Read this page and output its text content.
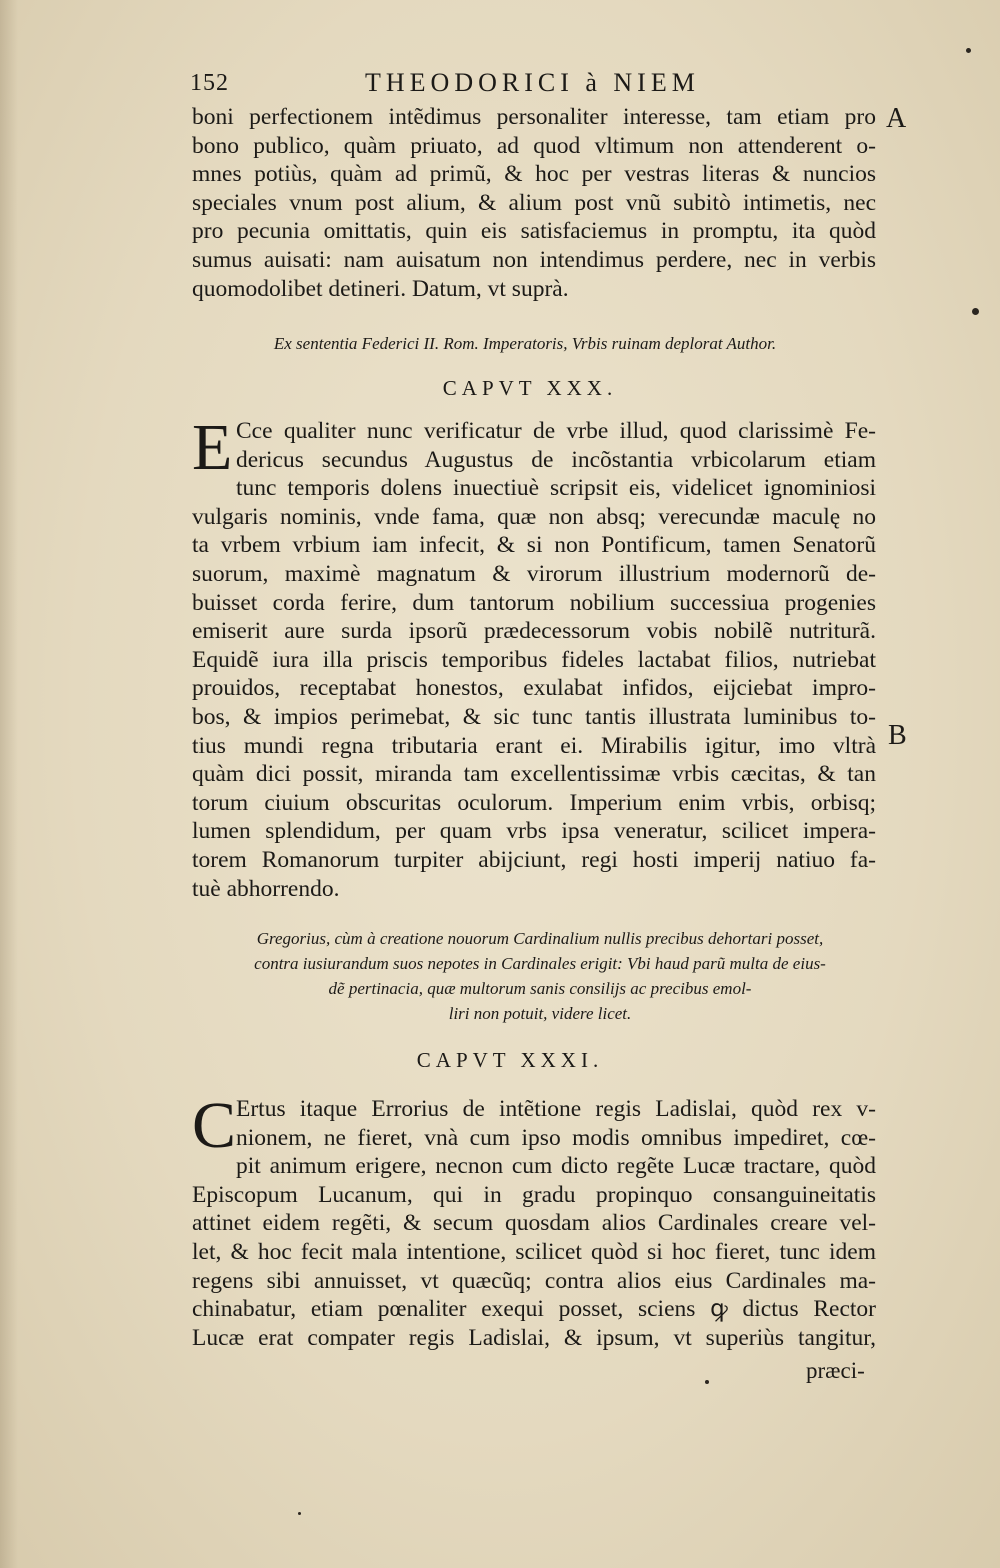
152	THEODORICI à NIEM
A
B
boni perfectionem intẽdimus personaliter interesse, tam etiam pro
bono publico, quàm priuato, ad quod vltimum non attenderent o-
mnes potiùs, quàm ad primũ, & hoc per vestras literas & nuncios
speciales vnum post alium, & alium post vnũ subitò intimetis, nec
pro pecunia omittatis, quin eis satisfaciemus in promptu, ita quòd
sumus auisati: nam auisatum non intendimus perdere, nec in verbis
quomodolibet detineri. Datum, vt suprà.
Ex sententia Federici II. Rom. Imperatoris, Vrbis ruinam deplorat Author.
CAPVT XXX.
E Cce qualiter nunc verificatur de vrbe illud, quod clarissimè Fe-
dericus secundus Augustus de incõstantia vrbicolarum etiam
tunc temporis dolens inuectiuè scripsit eis, videlicet ignominiosi
vulgaris nominis, vnde fama, quæ non absq; verecundæ maculę no
ta vrbem vrbium iam infecit, & si non Pontificum, tamen Senatorũ
suorum, maximè magnatum & virorum illustrium modernorũ de-
buisset corda ferire, dum tantorum nobilium successiua progenies
emiserit aure surda ipsorũ prædecessorum vobis nobilẽ nutriturã.
Equidẽ iura illa priscis temporibus fideles lactabat filios, nutriebat
prouidos, receptabat honestos, exulabat infidos, eijciebat impro-
bos, & impios perimebat, & sic tunc tantis illustrata luminibus to-
tius mundi regna tributaria erant ei. Mirabilis igitur, imo vltrà
quàm dici possit, miranda tam excellentissimæ vrbis cæcitas, & tan
torum ciuium obscuritas oculorum. Imperium enim vrbis, orbisq;
lumen splendidum, per quam vrbs ipsa veneratur, scilicet impera-
torem Romanorum turpiter abijciunt, regi hosti imperij natiuo fa-
tuè abhorrendo.
Gregorius, cùm à creatione nouorum Cardinalium nullis precibus dehortari posset,
contra iusiurandum suos nepotes in Cardinales erigit: Vbi haud parũ multa de eius-
dẽ pertinacia, quæ multorum sanis consilijs ac precibus emol-
liri non potuit, videre licet.
CAPVT XXXI.
C Ertus itaque Errorius de intẽtione regis Ladislai, quòd rex v-
nionem, ne fieret, vnà cum ipso modis omnibus impediret, cœ-
pit animum erigere, necnon cum dicto regẽte Lucæ tractare, quòd
Episcopum Lucanum, qui in gradu propinquo consanguineitatis
attinet eidem regẽti, & secum quosdam alios Cardinales creare vel-
let, & hoc fecit mala intentione, scilicet quòd si hoc fieret, tunc idem
regens sibi annuisset, vt quæcũq; contra alios eius Cardinales ma-
chinabatur, etiam pœnaliter exequi posset, sciens ꝙ dictus Rector
Lucæ erat compater regis Ladislai, & ipsum, vt superiùs tangitur,
præci-
